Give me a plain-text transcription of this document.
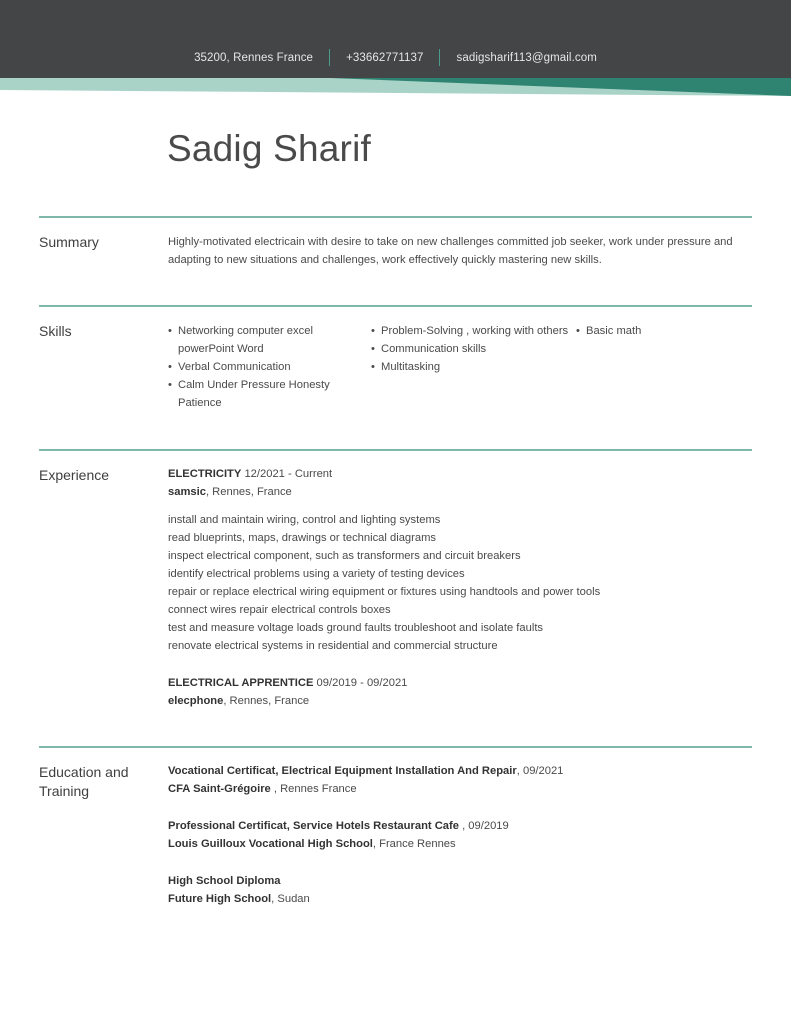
35200, Rennes France	+33662771137	sadigsharif113@gmail.com
Sadig Sharif
Summary	Highly-motivated electricain with desire to take on new challenges committed job seeker, work under pressure and adapting to new situations and challenges, work effectively quickly mastering new skills.
Skills
•	Networking computer excel powerPoint Word
• Verbal Communication
• Calm Under Pressure Honesty Patience
• Problem-Solving , working with others
• Communication skills
• Multitasking
• Basic math
Experience	ELECTRICITY 12/2021 - Current
samsic, Rennes, France
install and maintain wiring, control and lighting systems
read blueprints, maps, drawings or technical diagrams
inspect electrical component, such as transformers and circuit breakers
identify electrical problems using a variety of testing devices
repair or replace electrical wiring equipment or fixtures using handtools and power tools
connect wires repair electrical controls boxes
test and measure voltage loads ground faults troubleshoot and isolate faults
renovate electrical systems in residential and commercial structure
ELECTRICAL APPRENTICE 09/2019 - 09/2021
elecphone, Rennes, France
Education and Training
Vocational Certificat, Electrical Equipment Installation And Repair, 09/2021
CFA Saint-Grégoire , Rennes France
Professional Certificat, Service Hotels Restaurant Cafe , 09/2019
Louis Guilloux Vocational High School, France Rennes
High School Diploma
Future High School, Sudan
